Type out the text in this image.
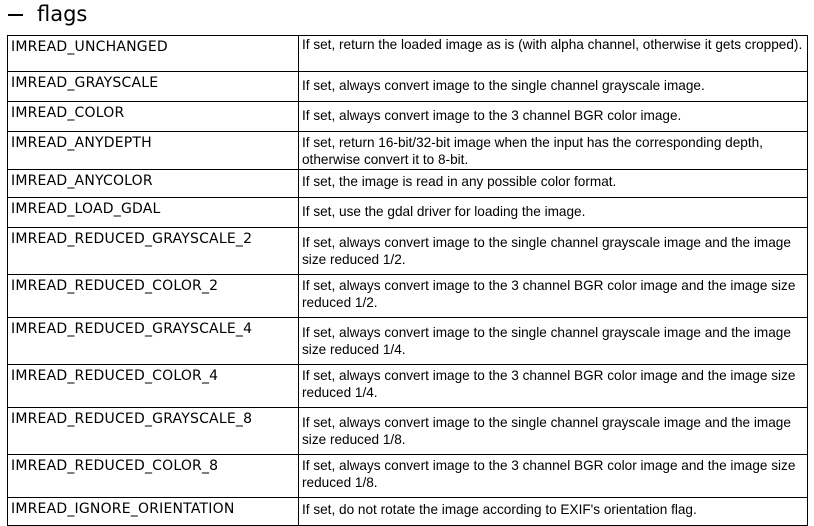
flags
IMREAD_UNCHANGED	If set, return the loaded image as is (with alpha channel, otherwise it gets cropped).
IMREAD_GRAYSCALE	If set, always convert image to the single channel grayscale image.
IMREAD_COLOR	If set, always convert image to the 3 channel BGR color image.
IMREAD_ANYDEPTH	If set, return 16-bit/32-bit image when the input has the corresponding depth, otherwise convert it to 8-bit.
IMREAD_ANYCOLOR	If set, the image is read in any possible color format.
IMREAD_LOAD_GDAL	If set, use the gdal driver for loading the image.
IMREAD_REDUCED_GRAYSCALE_2	If set, always convert image to the single channel grayscale image and the image size reduced 1/2.
IMREAD_REDUCED_COLOR_2	If set, always convert image to the 3 channel BGR color image and the image size reduced 1/2.
IMREAD_REDUCED_GRAYSCALE_4	If set, always convert image to the single channel grayscale image and the image size reduced 1/4.
IMREAD_REDUCED_COLOR_4	If set, always convert image to the 3 channel BGR color image and the image size reduced 1/4.
IMREAD_REDUCED_GRAYSCALE_8	If set, always convert image to the single channel grayscale image and the image size reduced 1/8.
IMREAD_REDUCED_COLOR_8	If set, always convert image to the 3 channel BGR color image and the image size reduced 1/8.
IMREAD_IGNORE_ORIENTATION	If set, do not rotate the image according to EXIF's orientation flag.
